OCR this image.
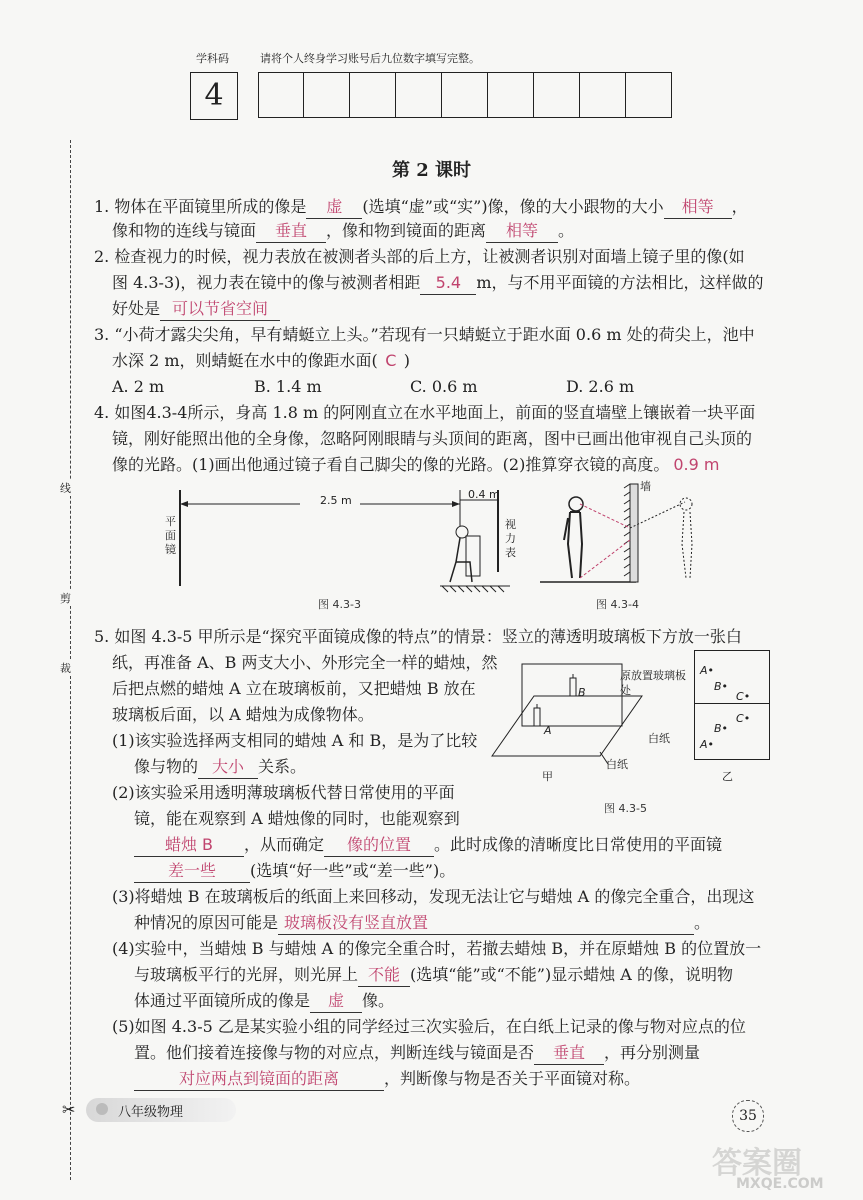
学科码	请将个人终身学习账号后九位数字填写完整。
4
线
剪
裁
✂
第 2 课时
1. 物体在平面镜里所成的像是 虚 (选填“虚”或“实”)像，像的大小跟物的大小 相等 ，
像和物的连线与镜面 垂直 ，像和物到镜面的距离 相等 。
2. 检查视力的时候，视力表放在被测者头部的后上方，让被测者识别对面墙上镜子里的像(如
图 4.3-3)，视力表在镜中的像与被测者相距 5.4 m，与不用平面镜的方法相比，这样做的
好处是 可以节省空间
3. “小荷才露尖尖角，早有蜻蜓立上头。”若现有一只蜻蜓立于距水面 0.6 m 处的荷尖上，池中
水深 2 m，则蜻蜓在水中的像距水面( C )
A. 2 m	B. 1.4 m	C. 0.6 m	D. 2.6 m
4. 如图4.3-4所示，身高 1.8 m 的阿刚直立在水平地面上，前面的竖直墙壁上镶嵌着一块平面
镜，刚好能照出他的全身像，忽略阿刚眼睛与头顶间的距离，图中已画出他审视自己头顶的
像的光路。(1)画出他通过镜子看自己脚尖的像的光路。(2)推算穿衣镜的高度。 0.9 m
平面镜
2.5 m	0.4 m
视力表
图 4.3-3
墙
图 4.3-4
5. 如图 4.3-5 甲所示是“探究平面镜成像的特点”的情景：竖立的薄透明玻璃板下方放一张白
纸，再准备 A、B 两支大小、外形完全一样的蜡烛，然
后把点燃的蜡烛 A 立在玻璃板前，又把蜡烛 B 放在
玻璃板后面，以 A 蜡烛为成像物体。
(1)该实验选择两支相同的蜡烛 A 和 B，是为了比较
像与物的 大小 关系。
(2)该实验采用透明薄玻璃板代替日常使用的平面
镜，能在观察到 A 蜡烛像的同时，也能观察到
蜡烛 B ，从而确定 像的位置 。此时成像的清晰度比日常使用的平面镜
差一些 (选填“好一些”或“差一些”)。
(3)将蜡烛 B 在玻璃板后的纸面上来回移动，发现无法让它与蜡烛 A 的像完全重合，出现这
种情况的原因可能是 玻璃板没有竖直放置	。
(4)实验中，当蜡烛 B 与蜡烛 A 的像完全重合时，若撤去蜡烛 B，并在原蜡烛 B 的位置放一
与玻璃板平行的光屏，则光屏上 不能 (选填“能”或“不能”)显示蜡烛 A 的像，说明物
体通过平面镜所成的像是 虚 像。
(5)如图 4.3-5 乙是某实验小组的同学经过三次实验后，在白纸上记录的像与物对应点的位
置。他们接着连接像与物的对应点，判断连线与镜面是否 垂直 ，再分别测量
对应两点到镜面的距离	，判断像与物是否关于平面镜对称。
A
B
白纸
甲
原放置玻璃板处
白纸
A•
B•
C•
C•
B•
A•
乙
图 4.3-5
八年级物理	35
答案圈
MXQE.COM
